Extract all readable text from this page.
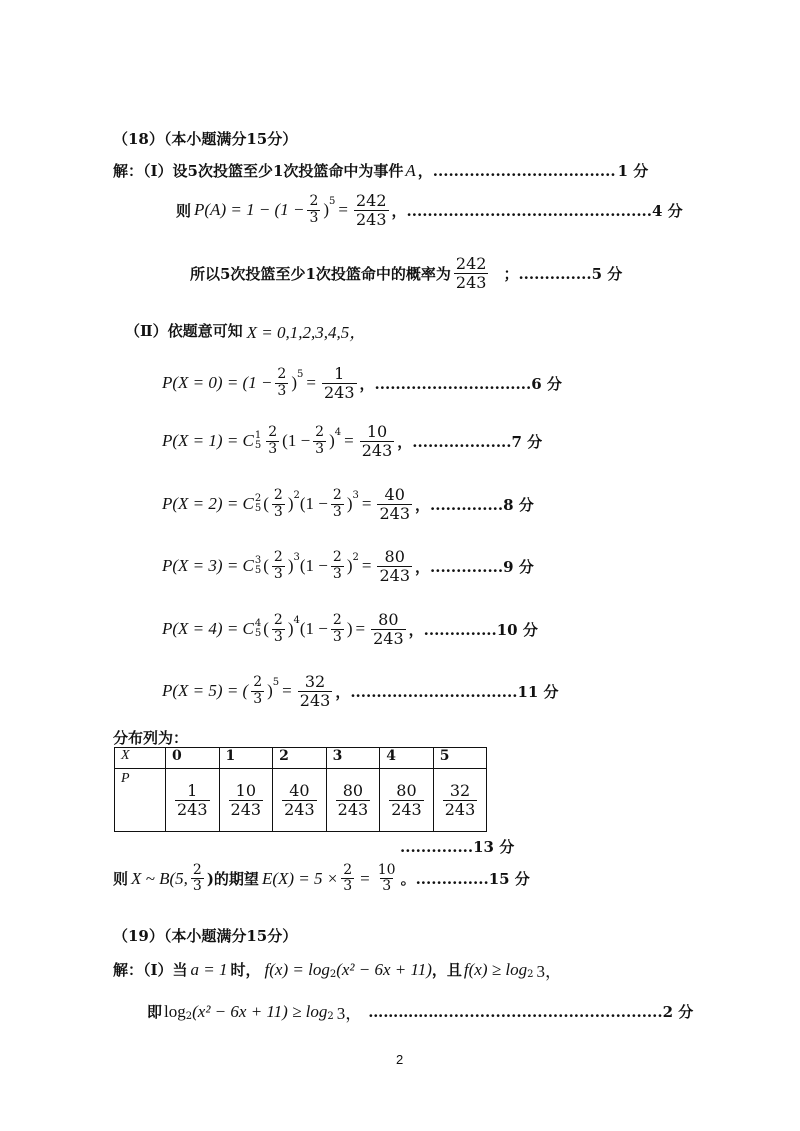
（18）（本小题满分15分）
解：（Ⅰ）设5次投篮至少1次投篮命中为事件 A ，................................... 1 分
则 $P(A) = 1 - (1 - \frac{2}{3} )^5 = \frac{242}{243}$ ，............................................... 4 分
所以5次投篮至少1次投篮命中的概率为 $\frac{242}{243}$ ；.............. 5 分
（Ⅱ）依题意可知 X = 0,1,2,3,4,5，
$P(X = 0) = (1 - \frac{2}{3} )^5 = \frac{1}{243}$ ，.............................. 6 分
P(X = 1) = C 1
$5 \frac{2}{3} (1 - \frac{2}{3} )^4 = \frac{10}{243}$ ，................... 7 分
P(X = 2) = C 2
5 ( $\frac{2}{3} )^2$ $(1 - \frac{2}{3} )^3 = \frac{40}{243}$ ，.............. 8 分
P(X = 3) = C 3
5 ( $\frac{2}{3} )^3$ $(1 - \frac{2}{3} )^2 = \frac{80}{243}$ ，.............. 9 分
P(X = 4) = C 4
5 ( $\frac{2}{3} )^4$ ($1 - \frac{2}{3}$ ) = $\frac{80}{243}$ ，.............. 10 分
P(X = 5) = ( $\frac{2}{3} )^5 = \frac{32}{243}$ ，................................ 11 分
分布列为：
X	0	1	2	3	4	5
P	$\frac{1}{243}$	$\frac{10}{243}$	$\frac{40}{243}$	$\frac{80}{243}$	$\frac{80}{243}$	$\frac{32}{243}$
..............13 分
则 X ~ B(5, $\frac{2}{3}$ )的期望 $E(X) = 5 \times \frac{2}{3} = \frac{10}{3}$ 。.............. 15 分
（19）（本小题满分15分）
解：（I）当 a = 1 时， $f(x) = \log_2 (x^2 - 6x + 11)$ ，且 $f(x) \ge \log_2 3$，
即 $\log_2 (x^2 - 6x + 11) \ge \log_2 3$， …………….......................................... 2 分
2
